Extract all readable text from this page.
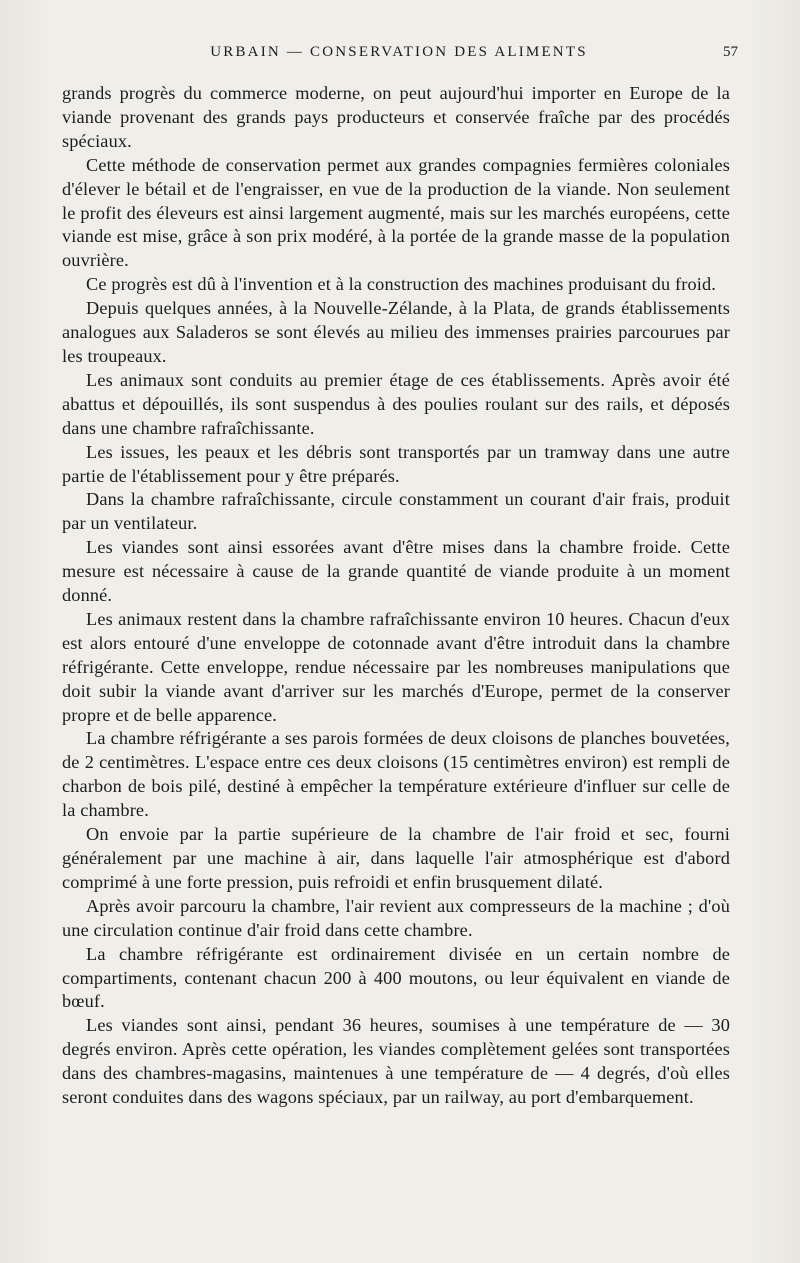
URBAIN — CONSERVATION DES ALIMENTS	57

grands progrès du commerce moderne, on peut aujourd'hui importer en Europe de la viande provenant des grands pays producteurs et conservée fraîche par des procédés spéciaux.

Cette méthode de conservation permet aux grandes compagnies fermières coloniales d'élever le bétail et de l'engraisser, en vue de la production de la viande. Non seulement le profit des éleveurs est ainsi largement augmenté, mais sur les marchés européens, cette viande est mise, grâce à son prix modéré, à la portée de la grande masse de la population ouvrière.

Ce progrès est dû à l'invention et à la construction des machines produisant du froid.

Depuis quelques années, à la Nouvelle-Zélande, à la Plata, de grands établissements analogues aux Saladeros se sont élevés au milieu des immenses prairies parcourues par les troupeaux.

Les animaux sont conduits au premier étage de ces établissements. Après avoir été abattus et dépouillés, ils sont suspendus à des poulies roulant sur des rails, et déposés dans une chambre rafraîchissante.

Les issues, les peaux et les débris sont transportés par un tramway dans une autre partie de l'établissement pour y être préparés.

Dans la chambre rafraîchissante, circule constamment un courant d'air frais, produit par un ventilateur.

Les viandes sont ainsi essorées avant d'être mises dans la chambre froide. Cette mesure est nécessaire à cause de la grande quantité de viande produite à un moment donné.

Les animaux restent dans la chambre rafraîchissante environ 10 heures. Chacun d'eux est alors entouré d'une enveloppe de cotonnade avant d'être introduit dans la chambre réfrigérante. Cette enveloppe, rendue nécessaire par les nombreuses manipulations que doit subir la viande avant d'arriver sur les marchés d'Europe, permet de la conserver propre et de belle apparence.

La chambre réfrigérante a ses parois formées de deux cloisons de planches bouvetées, de 2 centimètres. L'espace entre ces deux cloisons (15 centimètres environ) est rempli de charbon de bois pilé, destiné à empêcher la température extérieure d'influer sur celle de la chambre.

On envoie par la partie supérieure de la chambre de l'air froid et sec, fourni généralement par une machine à air, dans laquelle l'air atmosphérique est d'abord comprimé à une forte pression, puis refroidi et enfin brusquement dilaté.

Après avoir parcouru la chambre, l'air revient aux compresseurs de la machine ; d'où une circulation continue d'air froid dans cette chambre.

La chambre réfrigérante est ordinairement divisée en un certain nombre de compartiments, contenant chacun 200 à 400 moutons, ou leur équivalent en viande de bœuf.

Les viandes sont ainsi, pendant 36 heures, soumises à une température de — 30 degrés environ. Après cette opération, les viandes complètement gelées sont transportées dans des chambres-magasins, maintenues à une température de — 4 degrés, d'où elles seront conduites dans des wagons spéciaux, par un railway, au port d'embarquement.
